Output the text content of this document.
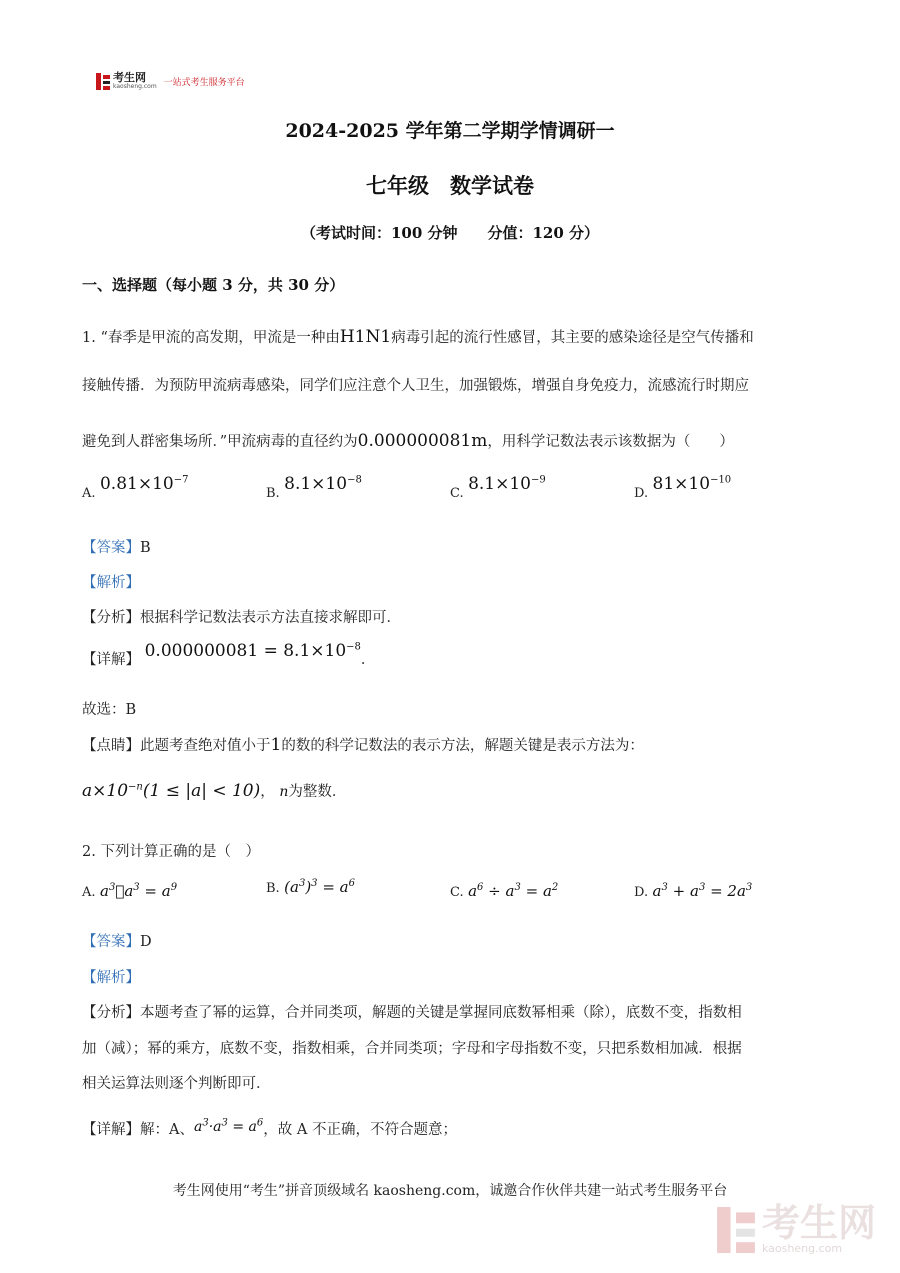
考生网
kaosheng.com 一站式考生服务平台
2024-2025 学年第二学期学情调研一
七年级　数学试卷
（考试时间：100 分钟　　分值：120 分）
一、选择题（每小题 3 分，共 30 分）
1. “春季是甲流的高发期，甲流是一种由H1N1病毒引起的流行性感冒，其主要的感染途径是空气传播和
接触传播．为预防甲流病毒感染，同学们应注意个人卫生，加强锻炼，增强自身免疫力，流感流行时期应
避免到人群密集场所．”甲流病毒的直径约为0.000000081m，用科学记数法表示该数据为（　　）
A. $0.81\times 10^{-7}$
B. $8.1\times 10^{-8}$
C. $8.1\times 10^{-9}$
D. $81\times 10^{-10}$
【答案】B
【解析】
【分析】根据科学记数法表示方法直接求解即可．
【详解】 $0.000000081 = 8.1\times 10^{-8}$．
故选：B
【点睛】此题考查绝对值小于1的数的科学记数法的表示方法，解题关键是表示方法为：
$a\times 10^{-n}(1 \le |a| < 10)$， n为整数．
2. 下列计算正确的是（　）
A. $a^3􀀀a^3 = a^9$	B. $(a^3)^3 = a^6$
C. $a^6 \div a^3 = a^2$	D. $a^3 + a^3 = 2a^3$
【答案】D
【解析】
【分析】本题考查了幂的运算，合并同类项，解题的关键是掌握同底数幂相乘（除），底数不变，指数相
加（减）；幂的乘方，底数不变，指数相乘，合并同类项；字母和字母指数不变，只把系数相加减．根据
相关运算法则逐个判断即可．
【详解】解：A、$a^3\cdot a^3 = a^6$，故 A 不正确，不符合题意；
考生网使用“考生”拼音顶级域名 kaosheng.com，诚邀合作伙伴共建一站式考生服务平台
考生网
kaosheng.com
